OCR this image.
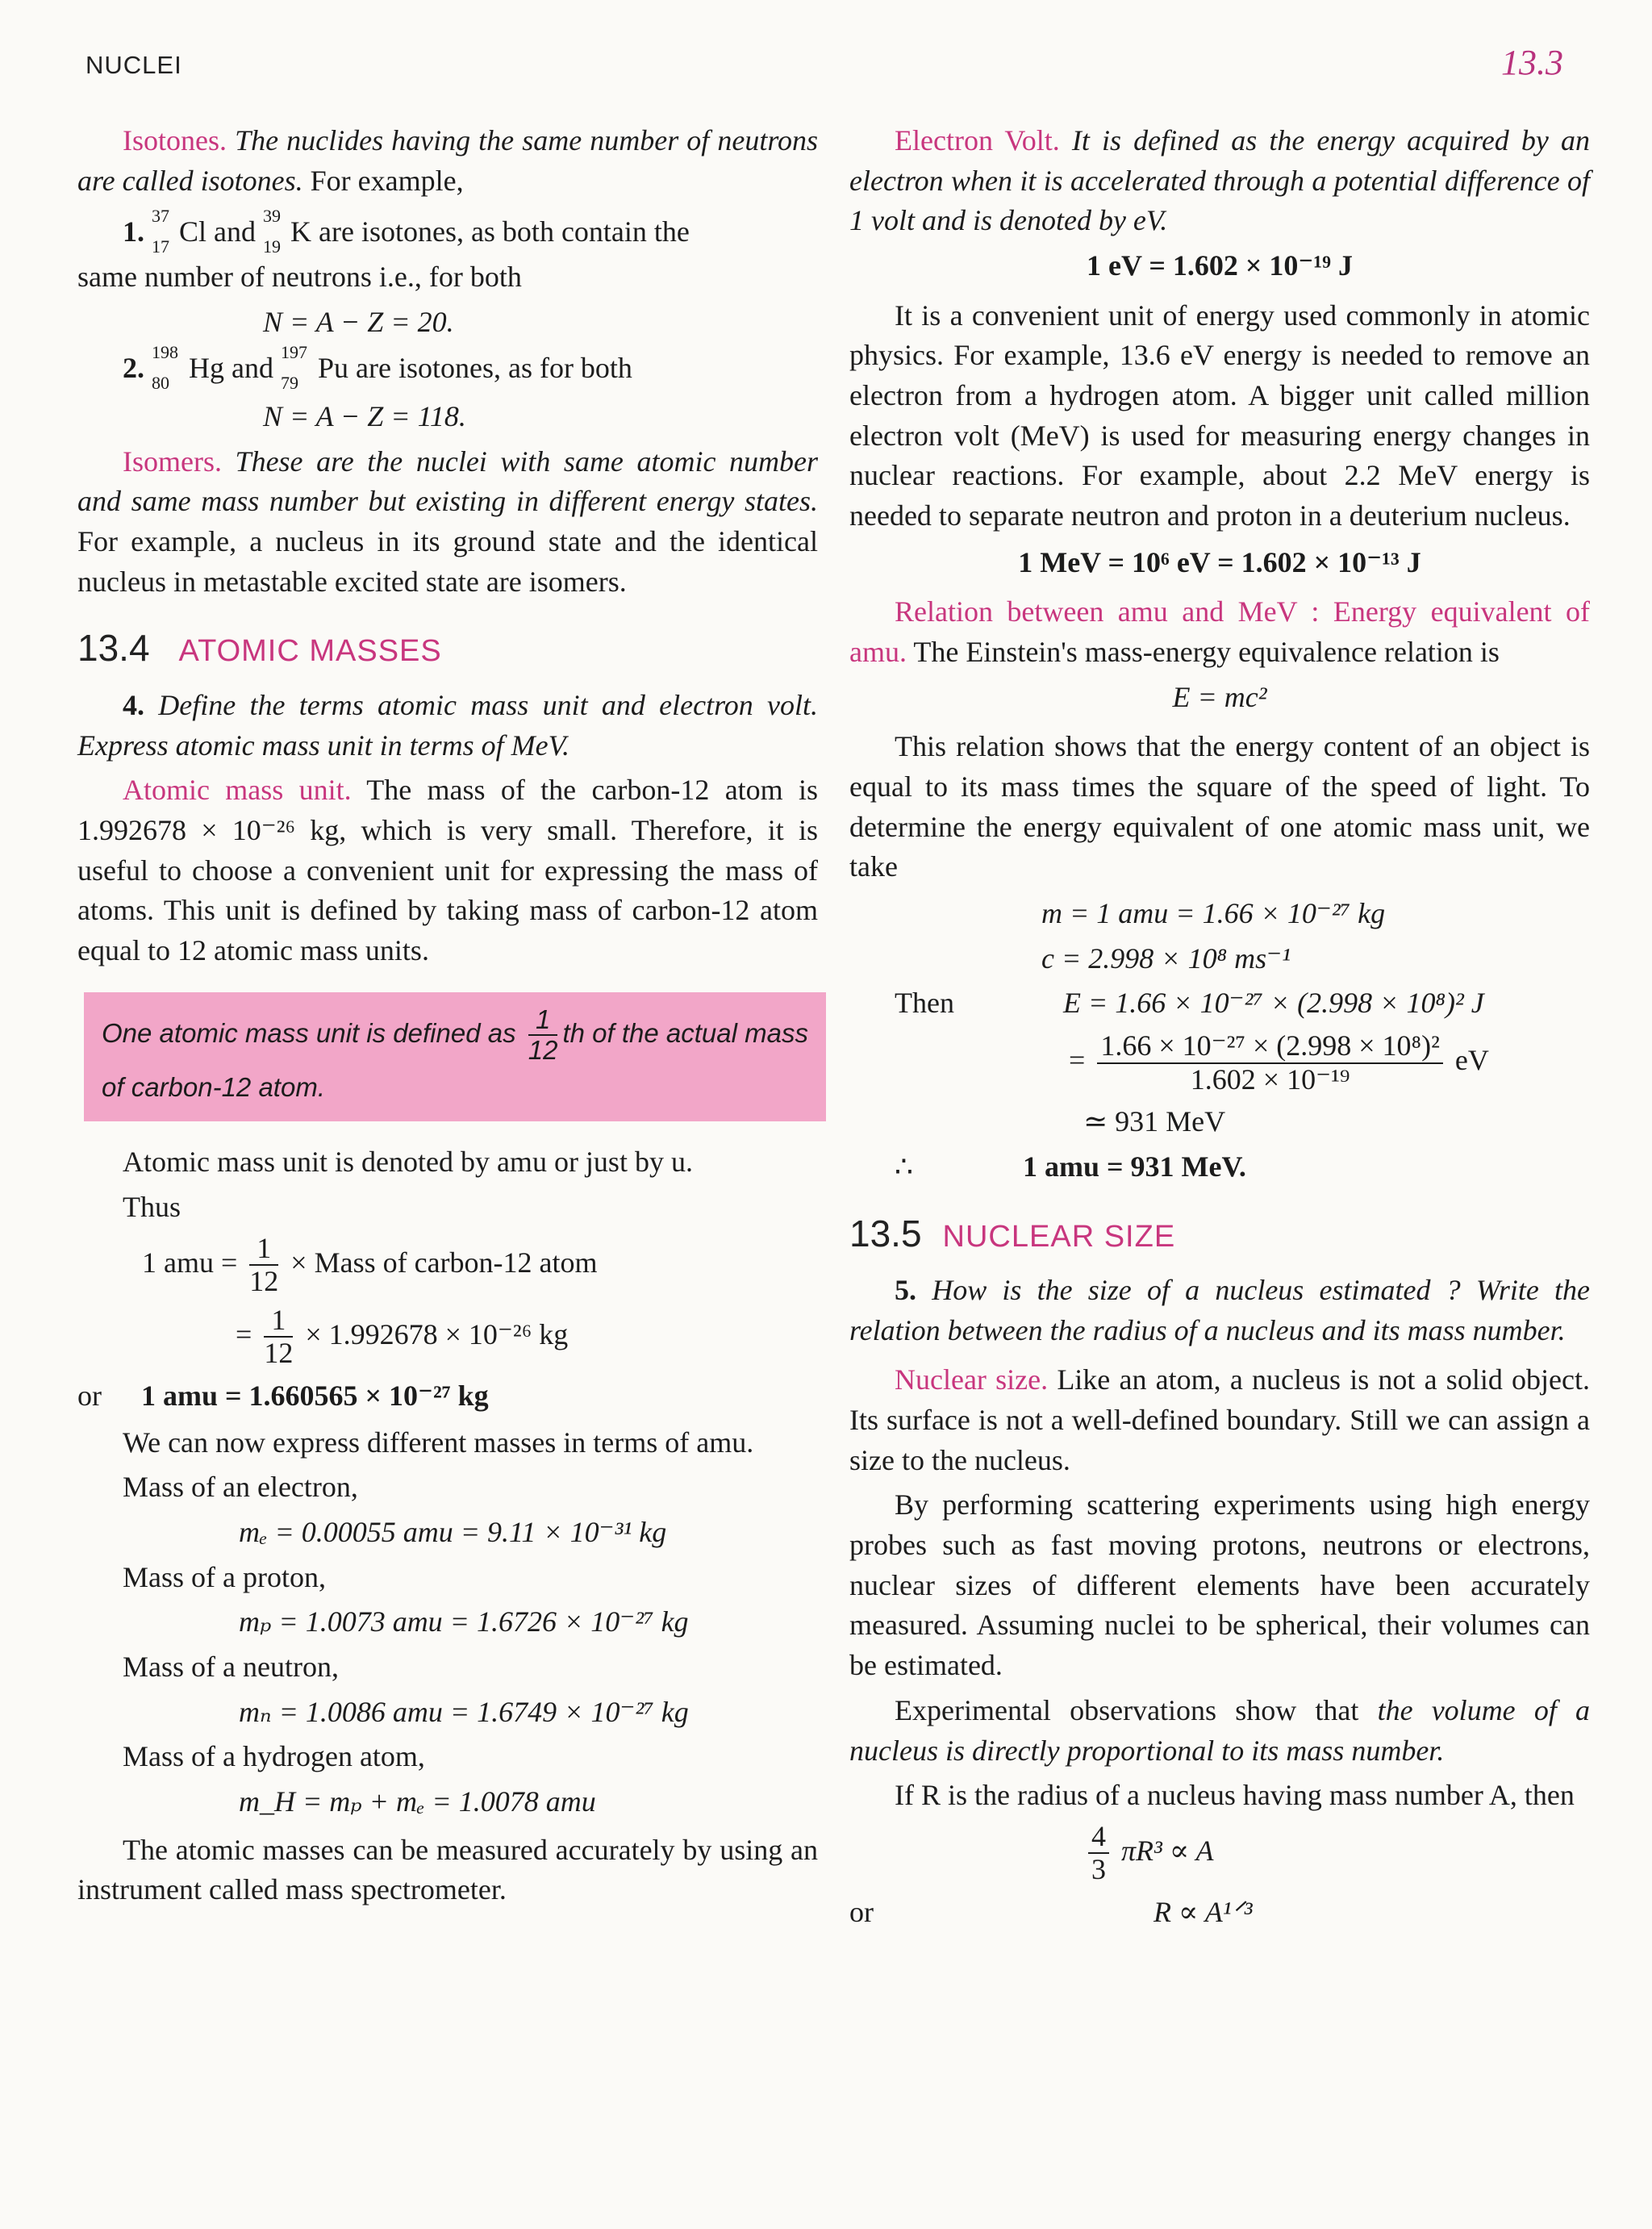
NUCLEI	13.3

Isotones. The nuclides having the same number of neutrons are called isotones. For example,

1. 37
17 Cl and 39
19 K are isotones, as both contain the

same number of neutrons i.e., for both

N = A − Z = 20.

2. 198
80 Hg and 197
79 Pu are isotones, as for both

N = A − Z = 118.

Isomers. These are the nuclei with same atomic number and same mass number but existing in different energy states. For example, a nucleus in its ground state and the identical nucleus in metastable excited state are isomers.

13.4 ATOMIC MASSES

4. Define the terms atomic mass unit and electron volt. Express atomic mass unit in terms of MeV.

Atomic mass unit. The mass of the carbon-12 atom is 1.992678 × 10⁻²⁶ kg, which is very small. Therefore, it is useful to choose a convenient unit for expressing the mass of atoms. This unit is defined by taking mass of carbon-12 atom equal to 12 atomic mass units.

One atomic mass unit is defined as $\frac{1}{12}$ th of the actual mass of carbon-12 atom.

Atomic mass unit is denoted by amu or just by u.

Thus

1 amu = $\frac{1}{12}$ × Mass of carbon-12 atom
= $\frac{1}{12} \times 1.992678 \times 10^{-26}$ kg
or 1 amu = 1.660565 × 10⁻²⁷ kg

We can now express different masses in terms of amu.

Mass of an electron,

mₑ = 0.00055 amu = 9.11 × 10⁻³¹ kg

Mass of a proton,

mₚ = 1.0073 amu = 1.6726 × 10⁻²⁷ kg

Mass of a neutron,

mₙ = 1.0086 amu = 1.6749 × 10⁻²⁷ kg

Mass of a hydrogen atom,

m_H = mₚ + mₑ = 1.0078 amu

The atomic masses can be measured accurately by using an instrument called mass spectrometer.

Electron Volt. It is defined as the energy acquired by an electron when it is accelerated through a potential difference of 1 volt and is denoted by eV.

1 eV = 1.602 × 10⁻¹⁹ J

It is a convenient unit of energy used commonly in atomic physics. For example, 13.6 eV energy is needed to remove an electron from a hydrogen atom. A bigger unit called million electron volt (MeV) is used for measuring energy changes in nuclear reactions. For example, about 2.2 MeV energy is needed to separate neutron and proton in a deuterium nucleus.

1 MeV = 10⁶ eV = 1.602 × 10⁻¹³ J

Relation between amu and MeV : Energy equivalent of amu. The Einstein's mass-energy equivalence relation is

E = mc²

This relation shows that the energy content of an object is equal to its mass times the square of the speed of light. To determine the energy equivalent of one atomic mass unit, we take

m = 1 amu = 1.66 × 10⁻²⁷ kg

c = 2.998 × 10⁸ ms⁻¹

Then	E = 1.66 × 10⁻²⁷ × (2.998 × 10⁸)² J
= $\frac{\text{1.66 × 10⁻²⁷ × (2.998 × 10⁸)²}}{\text{1.602 × 10⁻¹⁹}}$ eV

≃ 931 MeV

∴	1 amu = 931 MeV.
13.5 NUCLEAR SIZE

5. How is the size of a nucleus estimated ? Write the relation between the radius of a nucleus and its mass number.

Nuclear size. Like an atom, a nucleus is not a solid object. Its surface is not a well-defined boundary. Still we can assign a size to the nucleus.

By performing scattering experiments using high energy probes such as fast moving protons, neutrons or electrons, nuclear sizes of different elements have been accurately measured. Assuming nuclei to be spherical, their volumes can be estimated.

Experimental observations show that the volume of a nucleus is directly proportional to its mass number.

If R is the radius of a nucleus having mass number A, then

$\frac{4}{3} \pi R^3 \propto A$
or	R ∝ A¹ᐟ³
